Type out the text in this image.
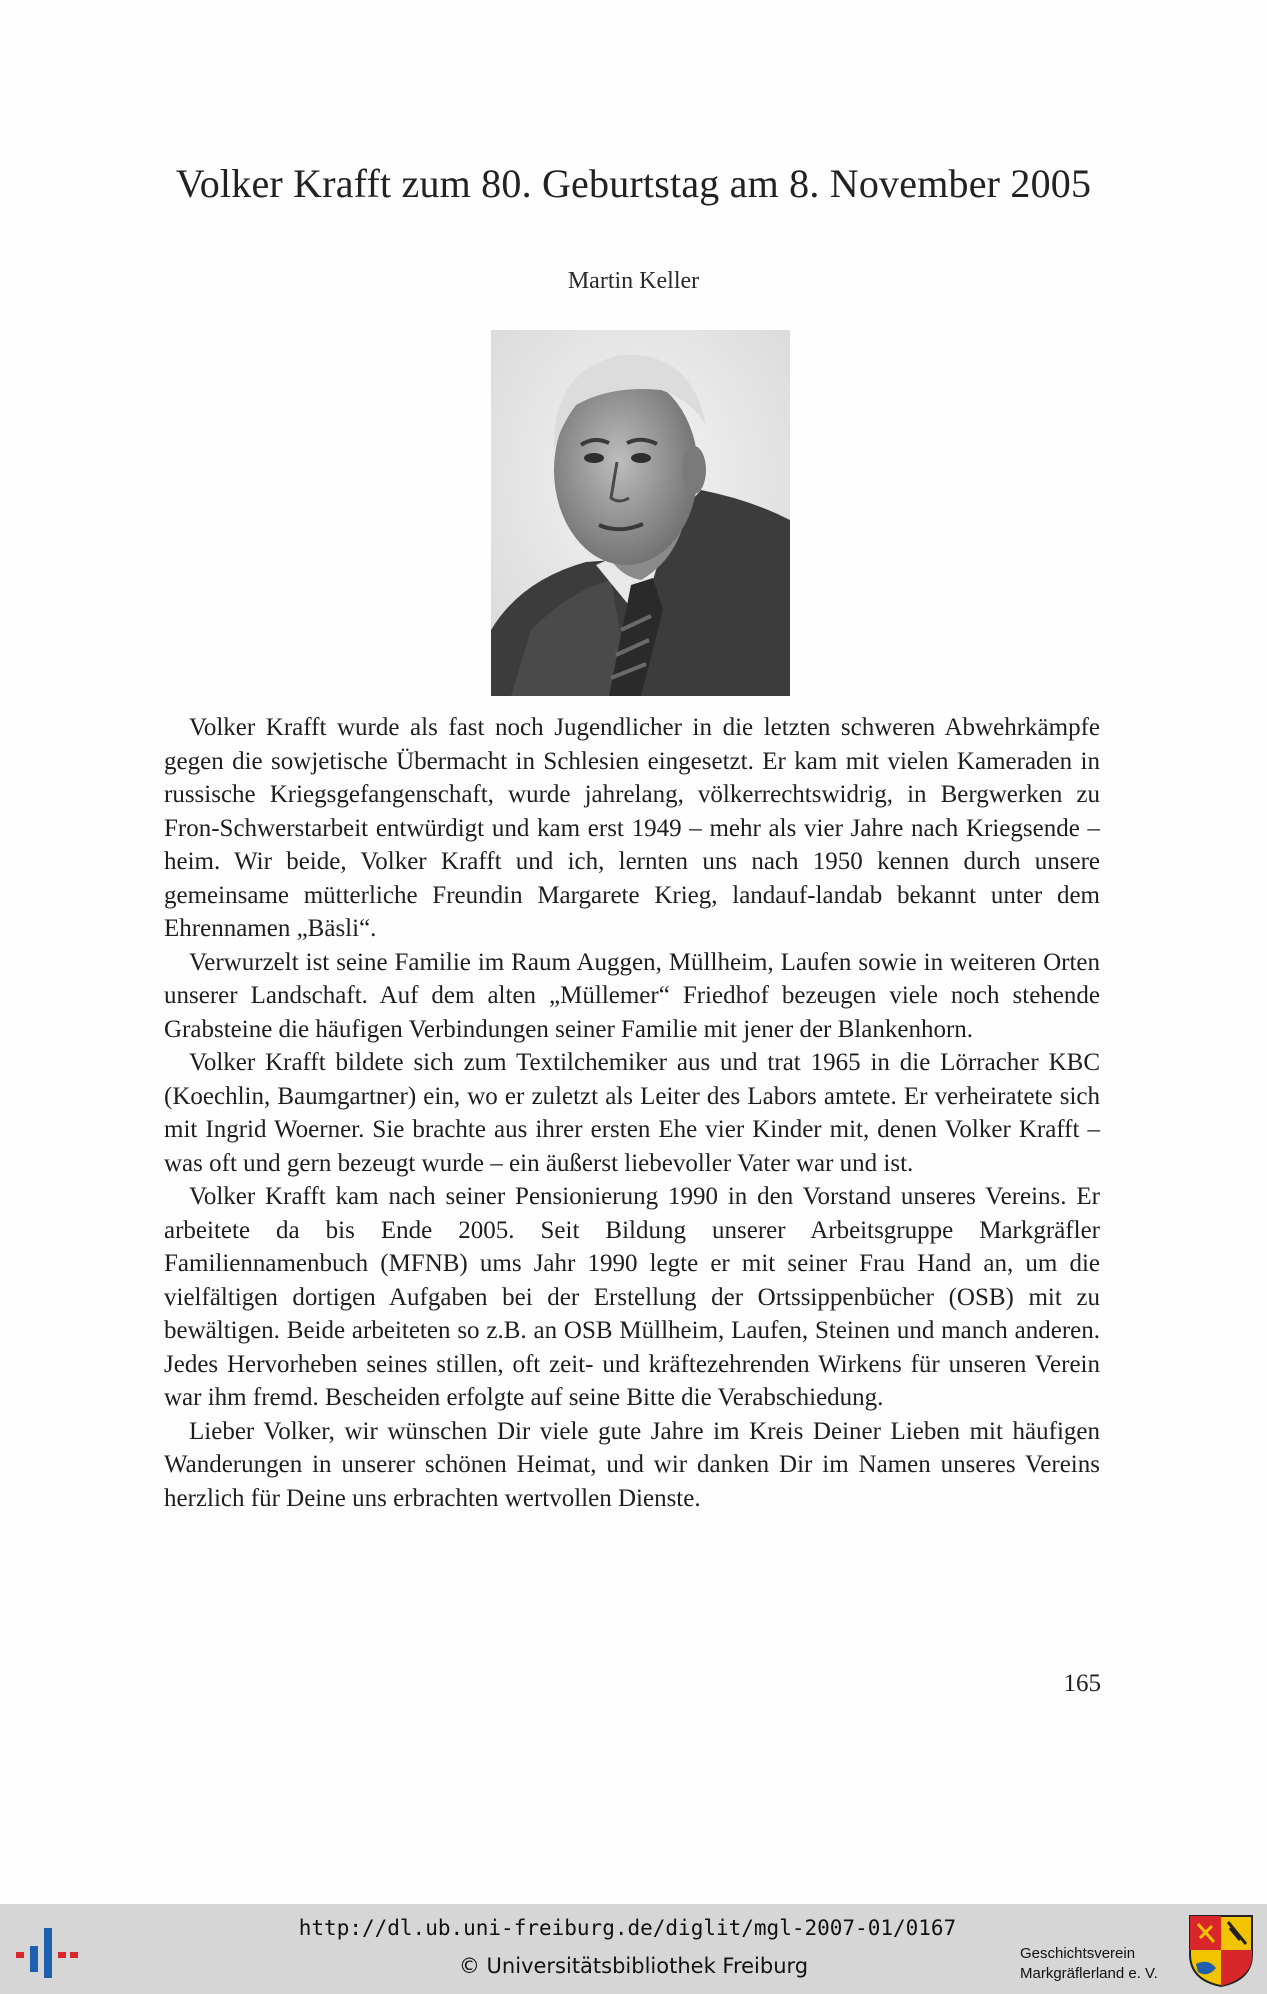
Volker Krafft zum 80. Geburtstag am 8. November 2005
Martin Keller

Volker Krafft wurde als fast noch Jugendlicher in die letzten schweren Abwehrkämpfe gegen die sowjetische Übermacht in Schlesien eingesetzt. Er kam mit vielen Kameraden in russische Kriegsgefangenschaft, wurde jahrelang, völkerrechtswidrig, in Bergwerken zu Fron-Schwerstarbeit entwürdigt und kam erst 1949 – mehr als vier Jahre nach Kriegsende – heim. Wir beide, Volker Krafft und ich, lernten uns nach 1950 kennen durch unsere gemeinsame mütterliche Freundin Margarete Krieg, landauf-landab bekannt unter dem Ehrennamen „Bäsli“.

Verwurzelt ist seine Familie im Raum Auggen, Müllheim, Laufen sowie in weiteren Orten unserer Landschaft. Auf dem alten „Müllemer“ Friedhof bezeugen viele noch stehende Grabsteine die häufigen Verbindungen seiner Familie mit jener der Blankenhorn.

Volker Krafft bildete sich zum Textilchemiker aus und trat 1965 in die Lörracher KBC (Koechlin, Baumgartner) ein, wo er zuletzt als Leiter des Labors amtete. Er verheiratete sich mit Ingrid Woerner. Sie brachte aus ihrer ersten Ehe vier Kinder mit, denen Volker Krafft – was oft und gern bezeugt wurde – ein äußerst liebevoller Vater war und ist.

Volker Krafft kam nach seiner Pensionierung 1990 in den Vorstand unseres Vereins. Er arbeitete da bis Ende 2005. Seit Bildung unserer Arbeitsgruppe Markgräfler Familiennamenbuch (MFNB) ums Jahr 1990 legte er mit seiner Frau Hand an, um die vielfältigen dortigen Aufgaben bei der Erstellung der Ortssippenbücher (OSB) mit zu bewältigen. Beide arbeiteten so z.B. an OSB Müllheim, Laufen, Steinen und manch anderen. Jedes Hervorheben seines stillen, oft zeit- und kräftezehrenden Wirkens für unseren Verein war ihm fremd. Bescheiden erfolgte auf seine Bitte die Verabschiedung.

Lieber Volker, wir wünschen Dir viele gute Jahre im Kreis Deiner Lieben mit häufigen Wanderungen in unserer schönen Heimat, und wir danken Dir im Namen unseres Vereins herzlich für Deine uns erbrachten wertvollen Dienste.

165
http://dl.ub.uni-freiburg.de/diglit/mgl-2007-01/0167
© Universitätsbibliothek Freiburg
Geschichtsverein
Markgräflerland e. V.
